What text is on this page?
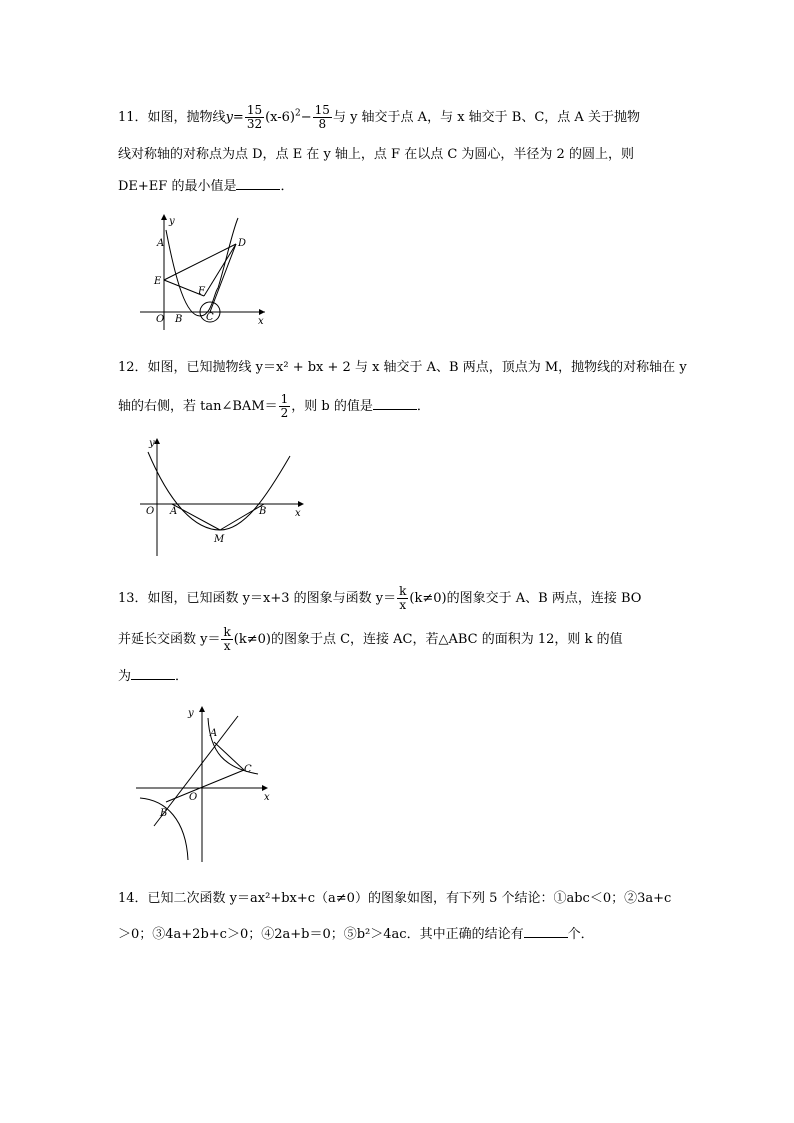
11．如图，抛物线$y= \frac{15}{32} (x-6)^2- \frac{15}{8}$ 与 y 轴交于点 A，与 x 轴交于 B、C，点 A 关于抛物
线对称轴的对称点为点 D，点 E 在 y 轴上，点 F 在以点 C 为圆心，半径为 2 的圆上，则
DE+EF 的最小值是	．
A	D
E
F
O B C	x
y
12．如图，已知抛物线 y＝x² + bx + 2 与 x 轴交于 A、B 两点，顶点为 M，抛物线的对称轴在 y
轴的右侧，若 tan∠BAM＝ $\frac{1}{2}$ ，则 b 的值是	．
y
O A	B
M
x
13．如图，已知函数 y＝x+3 的图象与函数 $y= \frac{k}{x} (k\ne 0)$的图象交于 A、B 两点，连接 BO
并延长交函数 $y= \frac{k}{x} (k\ne 0)$的图象于点 C，连接 AC，若△ABC 的面积为 12，则 k 的值
为	．
y
A
C
O	x
B
14．已知二次函数 y＝ax²+bx+c（a≠0）的图象如图，有下列 5 个结论：①abc＜0；②3a+c
＞0；③4a+2b+c＞0；④2a+b＝0；⑤b²＞4ac．其中正确的结论有	个．
